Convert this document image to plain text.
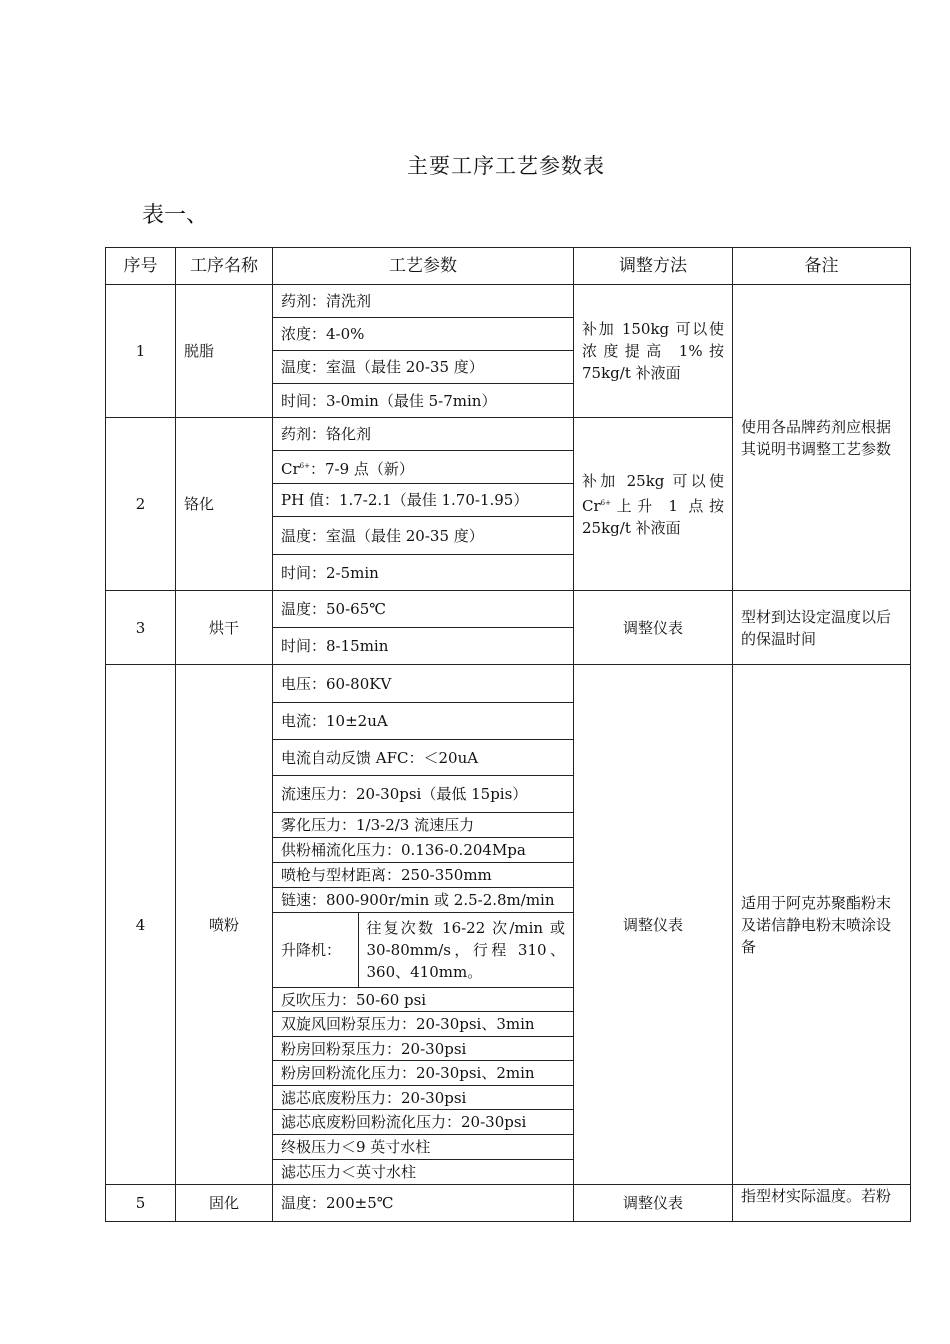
主要工序工艺参数表
表一、
序号	工序名称	工艺参数	调整方法	备注
1	脱脂	药剂：清洗剂	补加 150kg 可以使浓度提高 1%按 75kg/t 补液面	使用各品牌药剂应根据其说明书调整工艺参数
浓度：4-0%
温度：室温（最佳 20-35 度）
时间：3-0min（最佳 5-7min）
2	铬化	药剂：铬化剂	补加 25kg 可以使 $Cr^{6+}$上升 1 点按 25kg/t 补液面
$Cr^{6+}$：7-9 点（新）
PH 值：1.7-2.1（最佳 1.70-1.95）
温度：室温（最佳 20-35 度）
时间：2-5min
3	烘干	温度：50-65℃	调整仪表	型材到达设定温度以后的保温时间
时间：8-15min
4	喷粉	电压：60-80KV	调整仪表	适用于阿克苏聚酯粉末及诺信静电粉末喷涂设备
电流：10±2uA
电流自动反馈 AFC：＜20uA
流速压力：20-30psi（最低 15pis）
雾化压力：1/3-2/3 流速压力
供粉桶流化压力：0.136-0.204Mpa
喷枪与型材距离：250-350mm
链速：800-900r/min 或 2.5-2.8m/min

升降机：	往复次数 16-22 次/min 或 30-80mm/s，行程 310、360、410mm。

反吹压力：50-60 psi
双旋风回粉泵压力：20-30psi、3min
粉房回粉泵压力：20-30psi
粉房回粉流化压力：20-30psi、2min
滤芯底废粉压力：20-30psi
滤芯底废粉回粉流化压力：20-30psi
终极压力＜9 英寸水柱
滤芯压力＜英寸水柱
5	固化	温度：200±5℃	调整仪表	指型材实际温度。若粉
